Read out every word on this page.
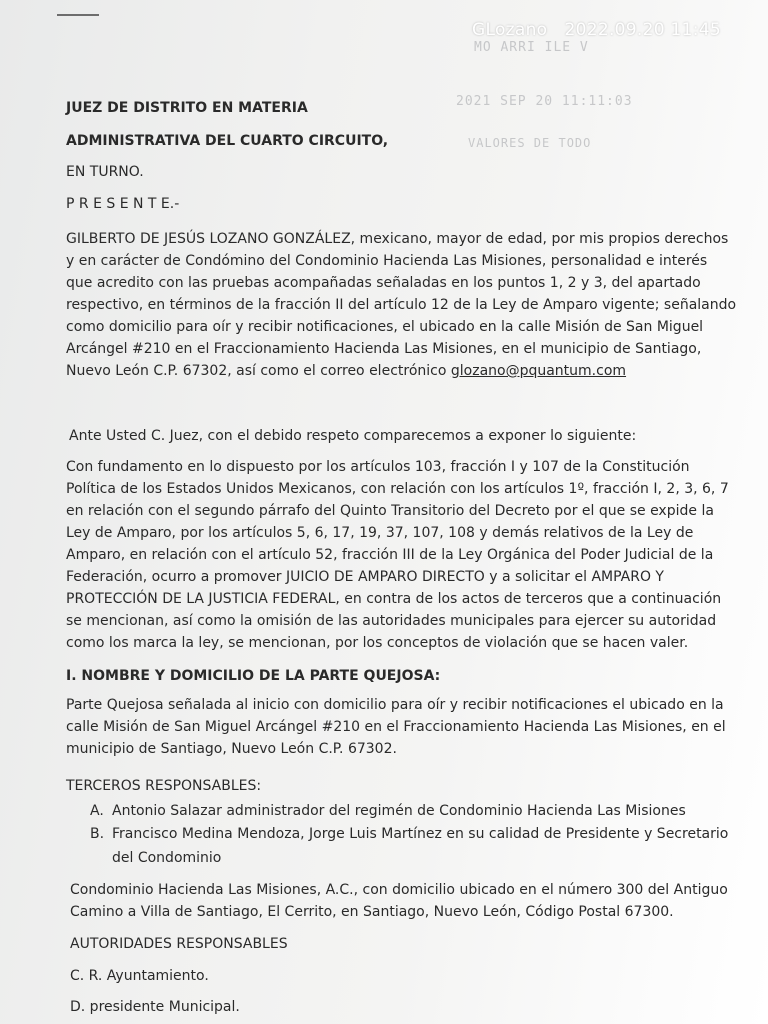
MO ARRI ILE V
2021 SEP 20 11:11:03
VALORES DE TODO
GLozano 2022.09.20 11:45
JUEZ DE DISTRITO EN MATERIA
ADMINISTRATIVA DEL CUARTO CIRCUITO,
EN TURNO.
P R E S E N T E.-
GILBERTO DE JESÚS LOZANO GONZÁLEZ, mexicano, mayor de edad, por mis propios derechos
y en carácter de Condómino del Condominio Hacienda Las Misiones, personalidad e interés
que acredito con las pruebas acompañadas señaladas en los puntos 1, 2 y 3, del apartado
respectivo, en términos de la fracción II del artículo 12 de la Ley de Amparo vigente; señalando
como domicilio para oír y recibir notificaciones, el ubicado en la calle Misión de San Miguel
Arcángel #210 en el Fraccionamiento Hacienda Las Misiones, en el municipio de Santiago,
Nuevo León C.P. 67302, así como el correo electrónico glozano@pquantum.com
Ante Usted C. Juez, con el debido respeto comparecemos a exponer lo siguiente:
Con fundamento en lo dispuesto por los artículos 103, fracción I y 107 de la Constitución
Política de los Estados Unidos Mexicanos, con relación con los artículos 1º, fracción I, 2, 3, 6, 7
en relación con el segundo párrafo del Quinto Transitorio del Decreto por el que se expide la
Ley de Amparo, por los artículos 5, 6, 17, 19, 37, 107, 108 y demás relativos de la Ley de
Amparo, en relación con el artículo 52, fracción III de la Ley Orgánica del Poder Judicial de la
Federación, ocurro a promover JUICIO DE AMPARO DIRECTO y a solicitar el AMPARO Y
PROTECCIÓN DE LA JUSTICIA FEDERAL, en contra de los actos de terceros que a continuación
se mencionan, así como la omisión de las autoridades municipales para ejercer su autoridad
como los marca la ley, se mencionan, por los conceptos de violación que se hacen valer.
I. NOMBRE Y DOMICILIO DE LA PARTE QUEJOSA:
Parte Quejosa señalada al inicio con domicilio para oír y recibir notificaciones el ubicado en la
calle Misión de San Miguel Arcángel #210 en el Fraccionamiento Hacienda Las Misiones, en el
municipio de Santiago, Nuevo León C.P. 67302.
TERCEROS RESPONSABLES:
A. Antonio Salazar administrador del regimén de Condominio Hacienda Las Misiones
B. Francisco Medina Mendoza, Jorge Luis Martínez en su calidad de Presidente y Secretario
del Condominio
Condominio Hacienda Las Misiones, A.C., con domicilio ubicado en el número 300 del Antiguo
Camino a Villa de Santiago, El Cerrito, en Santiago, Nuevo León, Código Postal 67300.
AUTORIDADES RESPONSABLES
C. R. Ayuntamiento.
D. presidente Municipal.
